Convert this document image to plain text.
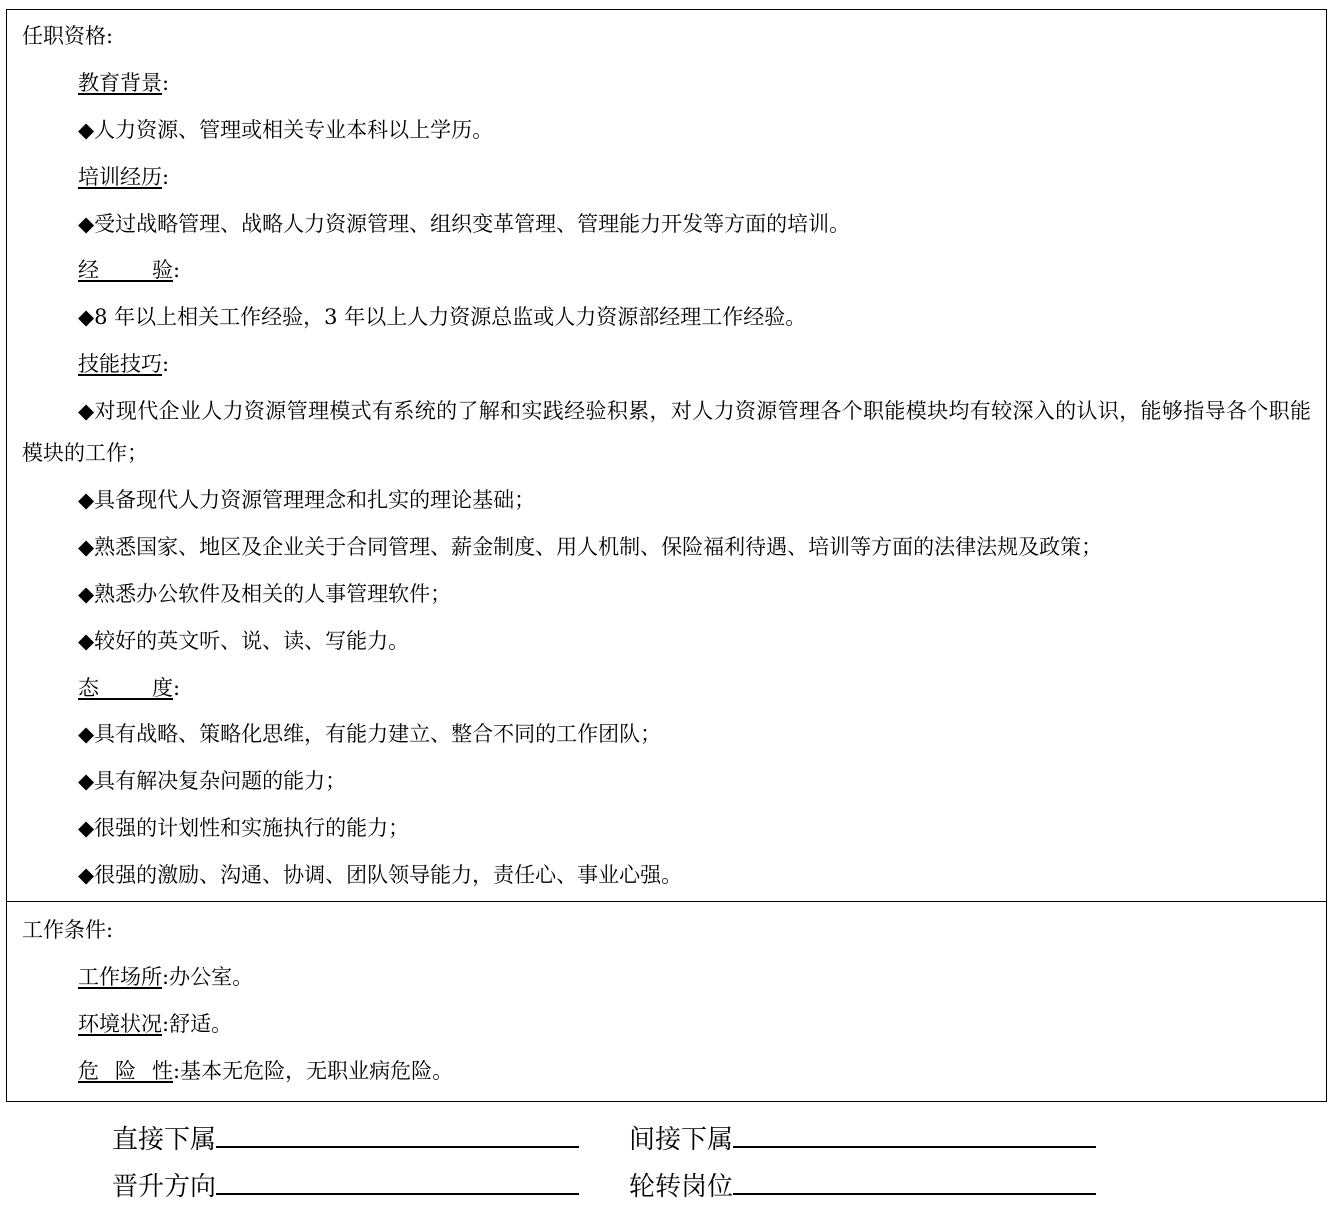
任职资格:
教育背景:
◆人力资源、管理或相关专业本科以上学历。
培训经历:
◆受过战略管理、战略人力资源管理、组织变革管理、管理能力开发等方面的培训。
经 验:
◆8 年以上相关工作经验，3 年以上人力资源总监或人力资源部经理工作经验。
技能技巧:
◆对现代企业人力资源管理模式有系统的了解和实践经验积累，对人力资源管理各个职能模块均有较深入的认识，能够指导各个职能模块的工作；
◆具备现代人力资源管理理念和扎实的理论基础；
◆熟悉国家、地区及企业关于合同管理、薪金制度、用人机制、保险福利待遇、培训等方面的法律法规及政策；
◆熟悉办公软件及相关的人事管理软件；
◆较好的英文听、说、读、写能力。
态 度:
◆具有战略、策略化思维，有能力建立、整合不同的工作团队；
◆具有解决复杂问题的能力；
◆很强的计划性和实施执行的能力；
◆很强的激励、沟通、协调、团队领导能力，责任心、事业心强。
工作条件:
工作场所:办公室。
环境状况:舒适。
危 险 性:基本无危险，无职业病危险。
直接下属	间接下属
晋升方向	轮转岗位
